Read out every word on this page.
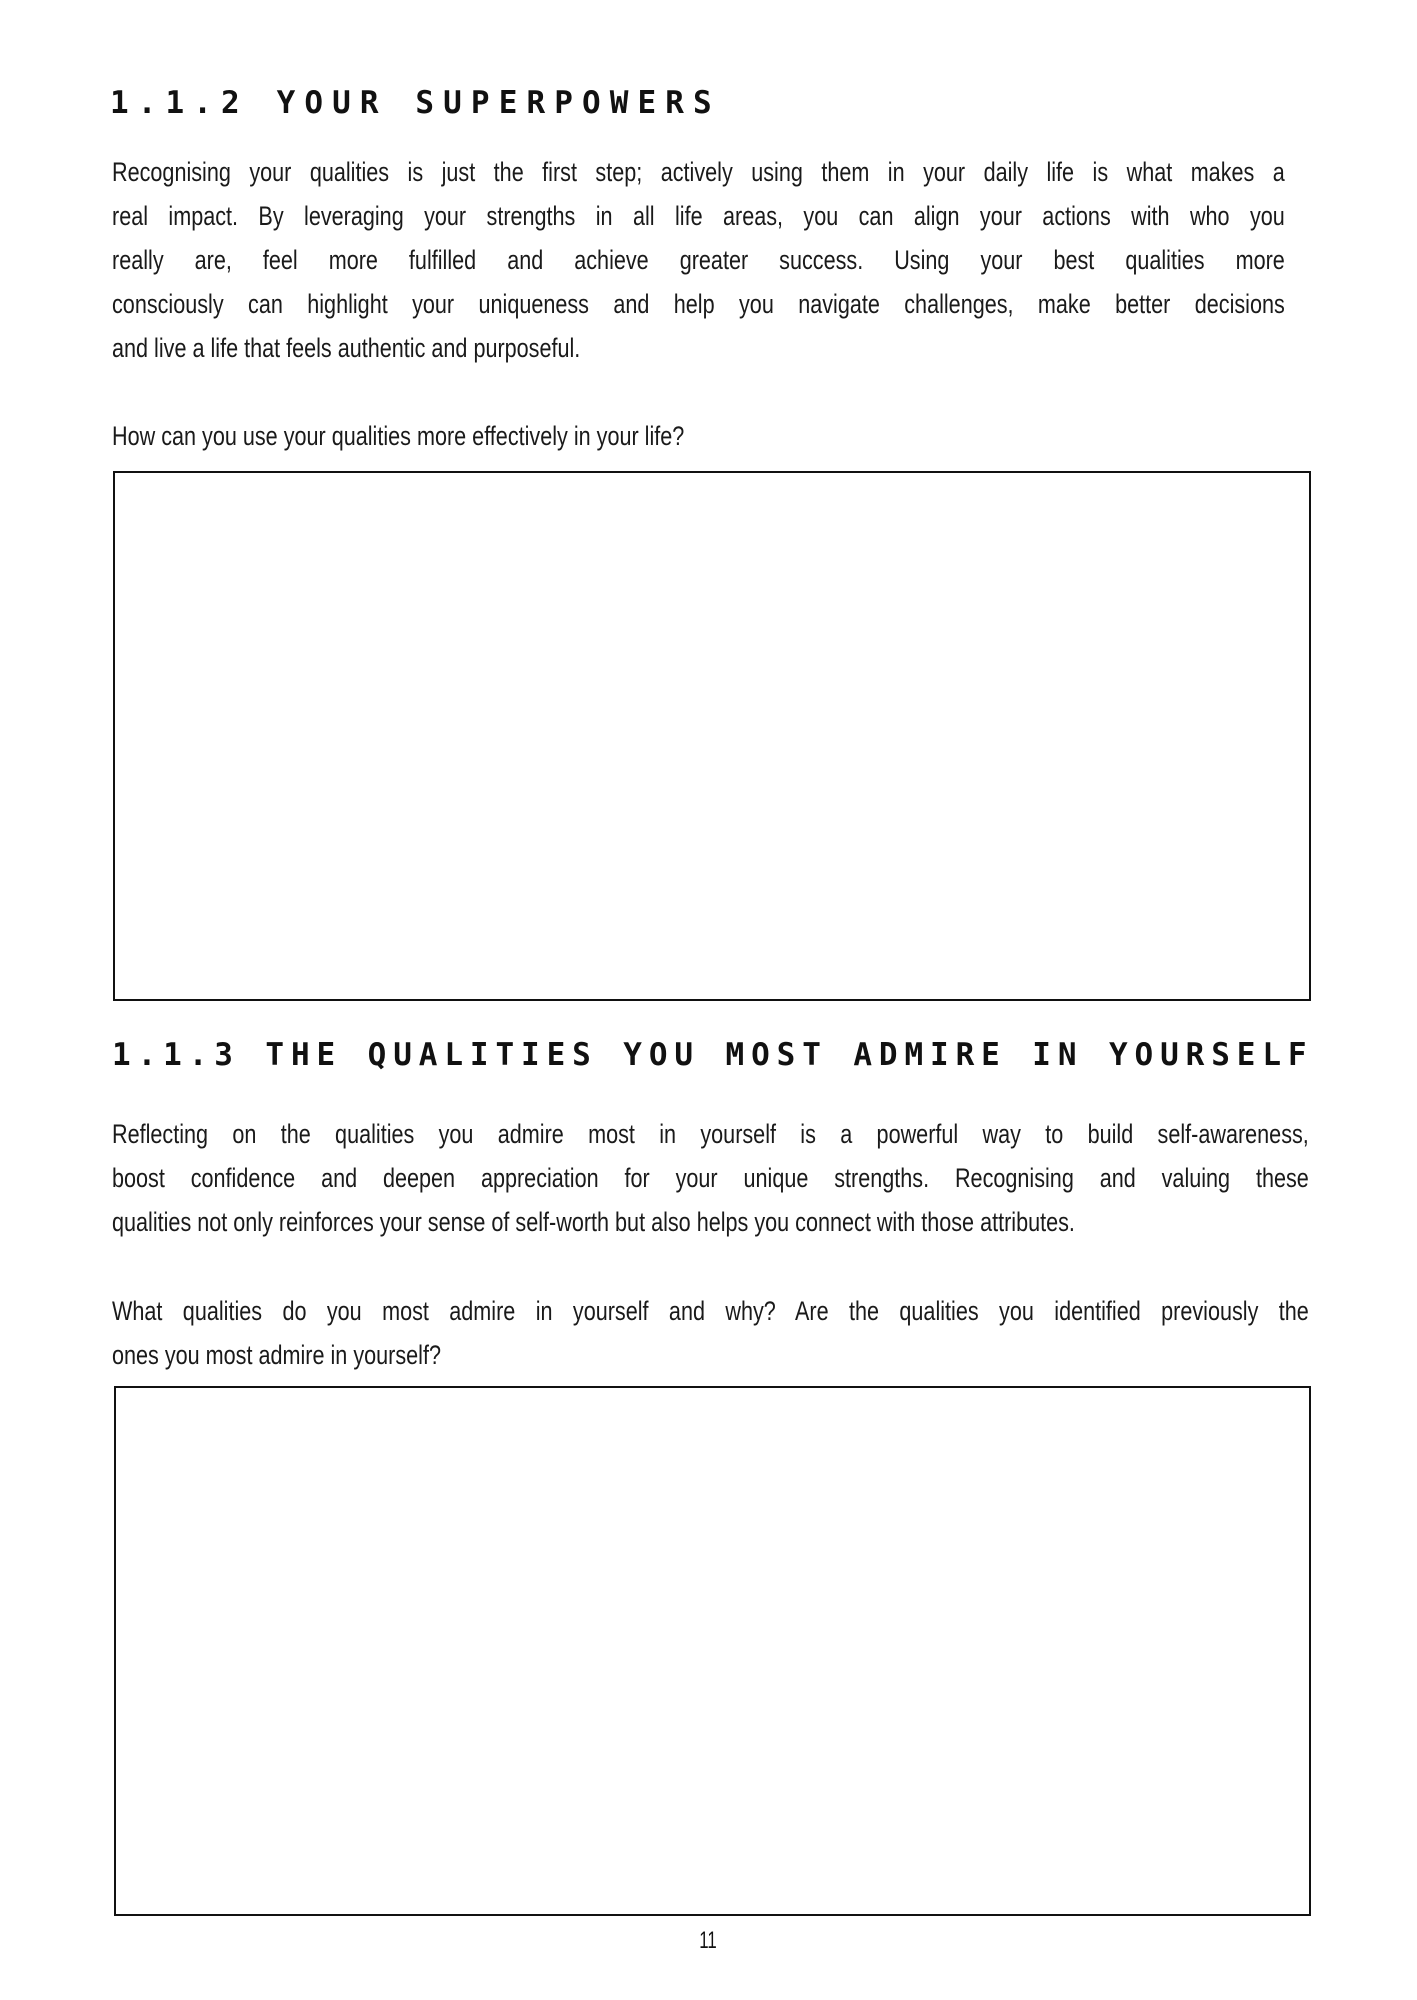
1.1.2 YOUR SUPERPOWERS
Recognising your qualities is just the first step; actively using them in your daily life is what makes a
real impact. By leveraging your strengths in all life areas, you can align your actions with who you
really are, feel more fulfilled and achieve greater success. Using your best qualities more
consciously can highlight your uniqueness and help you navigate challenges, make better decisions
and live a life that feels authentic and purposeful.
How can you use your qualities more effectively in your life?
1.1.3 THE QUALITIES YOU MOST ADMIRE IN YOURSELF
Reflecting on the qualities you admire most in yourself is a powerful way to build self-awareness,
boost confidence and deepen appreciation for your unique strengths. Recognising and valuing these
qualities not only reinforces your sense of self-worth but also helps you connect with those attributes.
What qualities do you most admire in yourself and why? Are the qualities you identified previously the
ones you most admire in yourself?
11
